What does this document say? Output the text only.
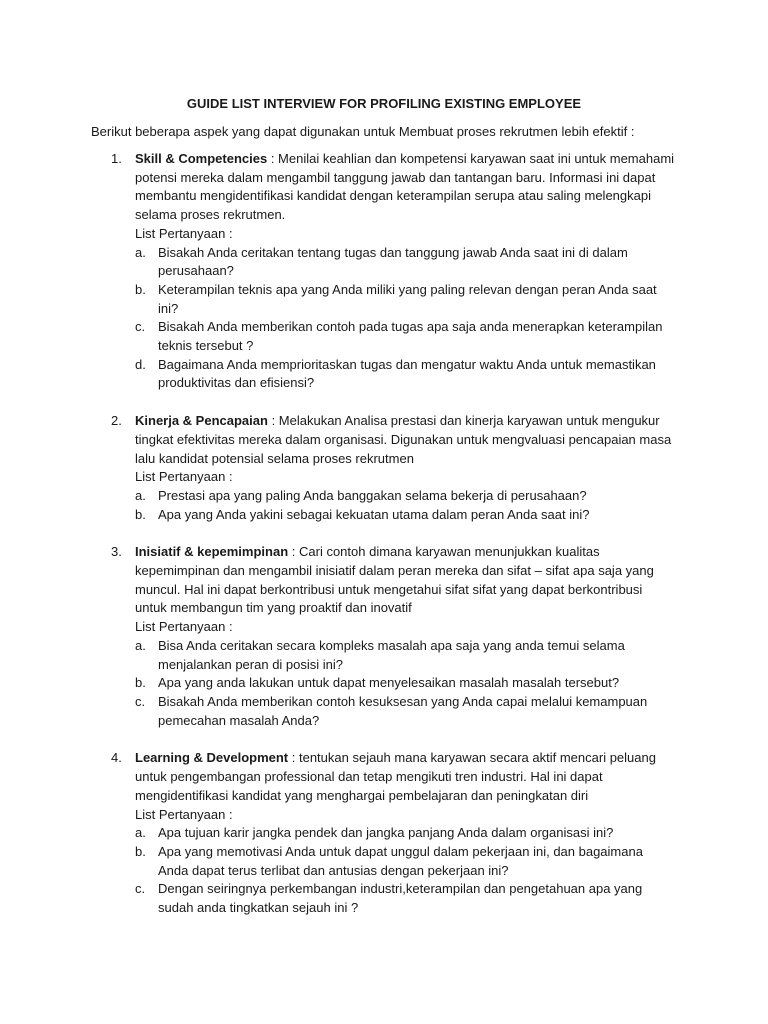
GUIDE LIST INTERVIEW FOR PROFILING EXISTING EMPLOYEE
Berikut beberapa aspek yang dapat digunakan untuk Membuat proses rekrutmen lebih efektif :
1. Skill & Competencies : Menilai keahlian dan kompetensi karyawan saat ini untuk memahami potensi mereka dalam mengambil tanggung jawab dan tantangan baru. Informasi ini dapat membantu mengidentifikasi kandidat dengan keterampilan serupa atau saling melengkapi selama proses rekrutmen.

List Pertanyaan :

a. Bisakah Anda ceritakan tentang tugas dan tanggung jawab Anda saat ini di dalam perusahaan?
b. Keterampilan teknis apa yang Anda miliki yang paling relevan dengan peran Anda saat ini?
c. Bisakah Anda memberikan contoh pada tugas apa saja anda menerapkan keterampilan teknis tersebut ?
d. Bagaimana Anda memprioritaskan tugas dan mengatur waktu Anda untuk memastikan produktivitas dan efisiensi?
2. Kinerja & Pencapaian : Melakukan Analisa prestasi dan kinerja karyawan untuk mengukur tingkat efektivitas mereka dalam organisasi. Digunakan untuk mengvaluasi pencapaian masa lalu kandidat potensial selama proses rekrutmen

List Pertanyaan :

a. Prestasi apa yang paling Anda banggakan selama bekerja di perusahaan?
b. Apa yang Anda yakini sebagai kekuatan utama dalam peran Anda saat ini?
3. Inisiatif & kepemimpinan : Cari contoh dimana karyawan menunjukkan kualitas kepemimpinan dan mengambil inisiatif dalam peran mereka dan sifat – sifat apa saja yang muncul. Hal ini dapat berkontribusi untuk mengetahui sifat sifat yang dapat berkontribusi untuk membangun tim yang proaktif dan inovatif

List Pertanyaan :

a. Bisa Anda ceritakan secara kompleks masalah apa saja yang anda temui selama menjalankan peran di posisi ini?
b. Apa yang anda lakukan untuk dapat menyelesaikan masalah masalah tersebut?
c. Bisakah Anda memberikan contoh kesuksesan yang Anda capai melalui kemampuan pemecahan masalah Anda?
4. Learning & Development : tentukan sejauh mana karyawan secara aktif mencari peluang untuk pengembangan professional dan tetap mengikuti tren industri. Hal ini dapat mengidentifikasi kandidat yang menghargai pembelajaran dan peningkatan diri

List Pertanyaan :

a. Apa tujuan karir jangka pendek dan jangka panjang Anda dalam organisasi ini?
b. Apa yang memotivasi Anda untuk dapat unggul dalam pekerjaan ini, dan bagaimana Anda dapat terus terlibat dan antusias dengan pekerjaan ini?
c. Dengan seiringnya perkembangan industri,keterampilan dan pengetahuan apa yang sudah anda tingkatkan sejauh ini ?
